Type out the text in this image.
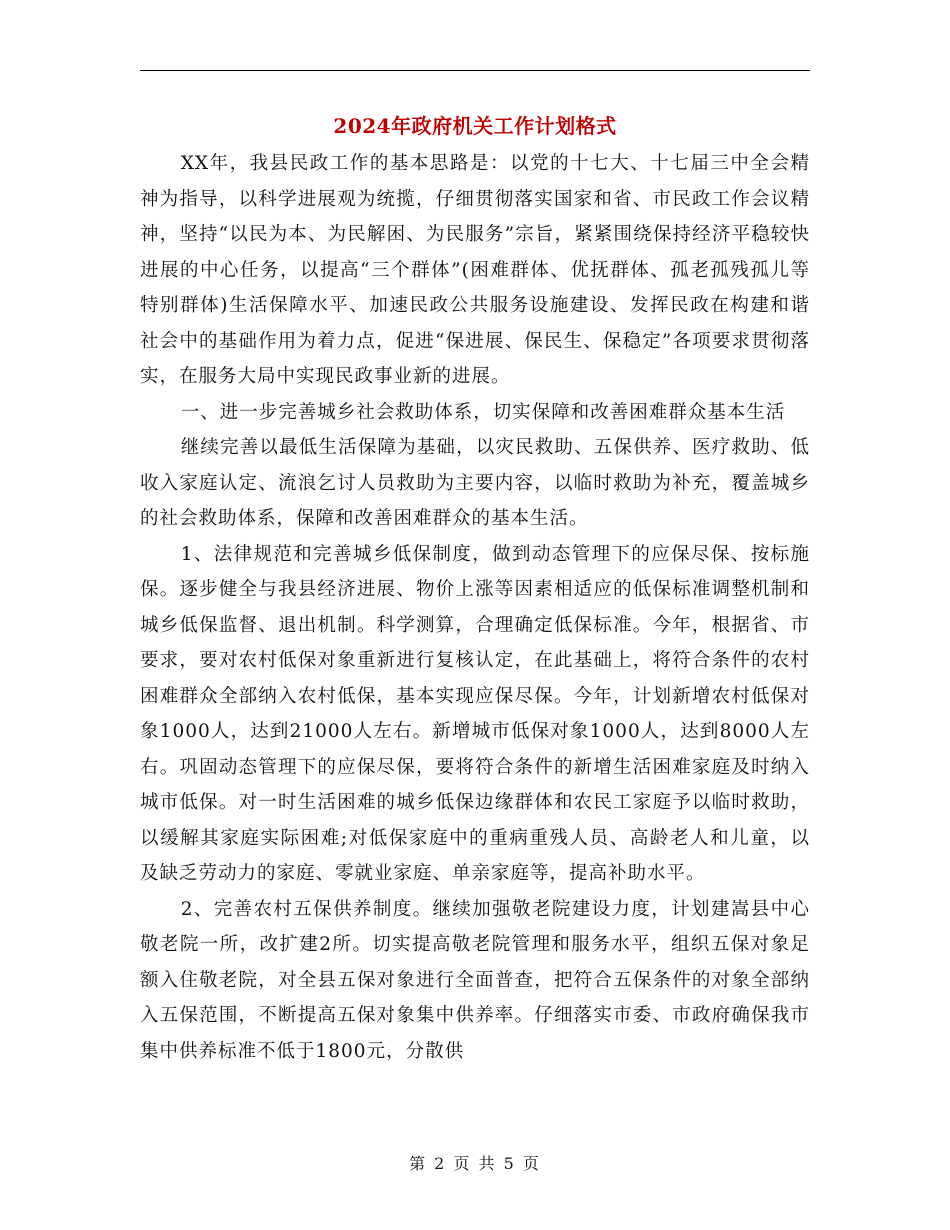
2024年政府机关工作计划格式

XX年，我县民政工作的基本思路是：以党的十七大、十七届三中全会精神为指导，以科学进展观为统揽，仔细贯彻落实国家和省、市民政工作会议精神，坚持“以民为本、为民解困、为民服务”宗旨，紧紧围绕保持经济平稳较快进展的中心任务，以提高“三个群体”(困难群体、优抚群体、孤老孤残孤儿等特别群体)生活保障水平、加速民政公共服务设施建设、发挥民政在构建和谐社会中的基础作用为着力点，促进“保进展、保民生、保稳定”各项要求贯彻落实，在服务大局中实现民政事业新的进展。

一、进一步完善城乡社会救助体系，切实保障和改善困难群众基本生活

继续完善以最低生活保障为基础，以灾民救助、五保供养、医疗救助、低收入家庭认定、流浪乞讨人员救助为主要内容，以临时救助为补充，覆盖城乡的社会救助体系，保障和改善困难群众的基本生活。

1、法律规范和完善城乡低保制度，做到动态管理下的应保尽保、按标施保。逐步健全与我县经济进展、物价上涨等因素相适应的低保标准调整机制和城乡低保监督、退出机制。科学测算，合理确定低保标准。今年，根据省、市要求，要对农村低保对象重新进行复核认定，在此基础上，将符合条件的农村困难群众全部纳入农村低保，基本实现应保尽保。今年，计划新增农村低保对象1000人，达到21000人左右。新增城市低保对象1000人，达到8000人左右。巩固动态管理下的应保尽保，要将符合条件的新增生活困难家庭及时纳入城市低保。对一时生活困难的城乡低保边缘群体和农民工家庭予以临时救助，以缓解其家庭实际困难;对低保家庭中的重病重残人员、高龄老人和儿童，以及缺乏劳动力的家庭、零就业家庭、单亲家庭等，提高补助水平。

2、完善农村五保供养制度。继续加强敬老院建设力度，计划建嵩县中心敬老院一所，改扩建2所。切实提高敬老院管理和服务水平，组织五保对象足额入住敬老院，对全县五保对象进行全面普查，把符合五保条件的对象全部纳入五保范围，不断提高五保对象集中供养率。仔细落实市委、市政府确保我市集中供养标准不低于1800元，分散供

第 2 页 共 5 页
